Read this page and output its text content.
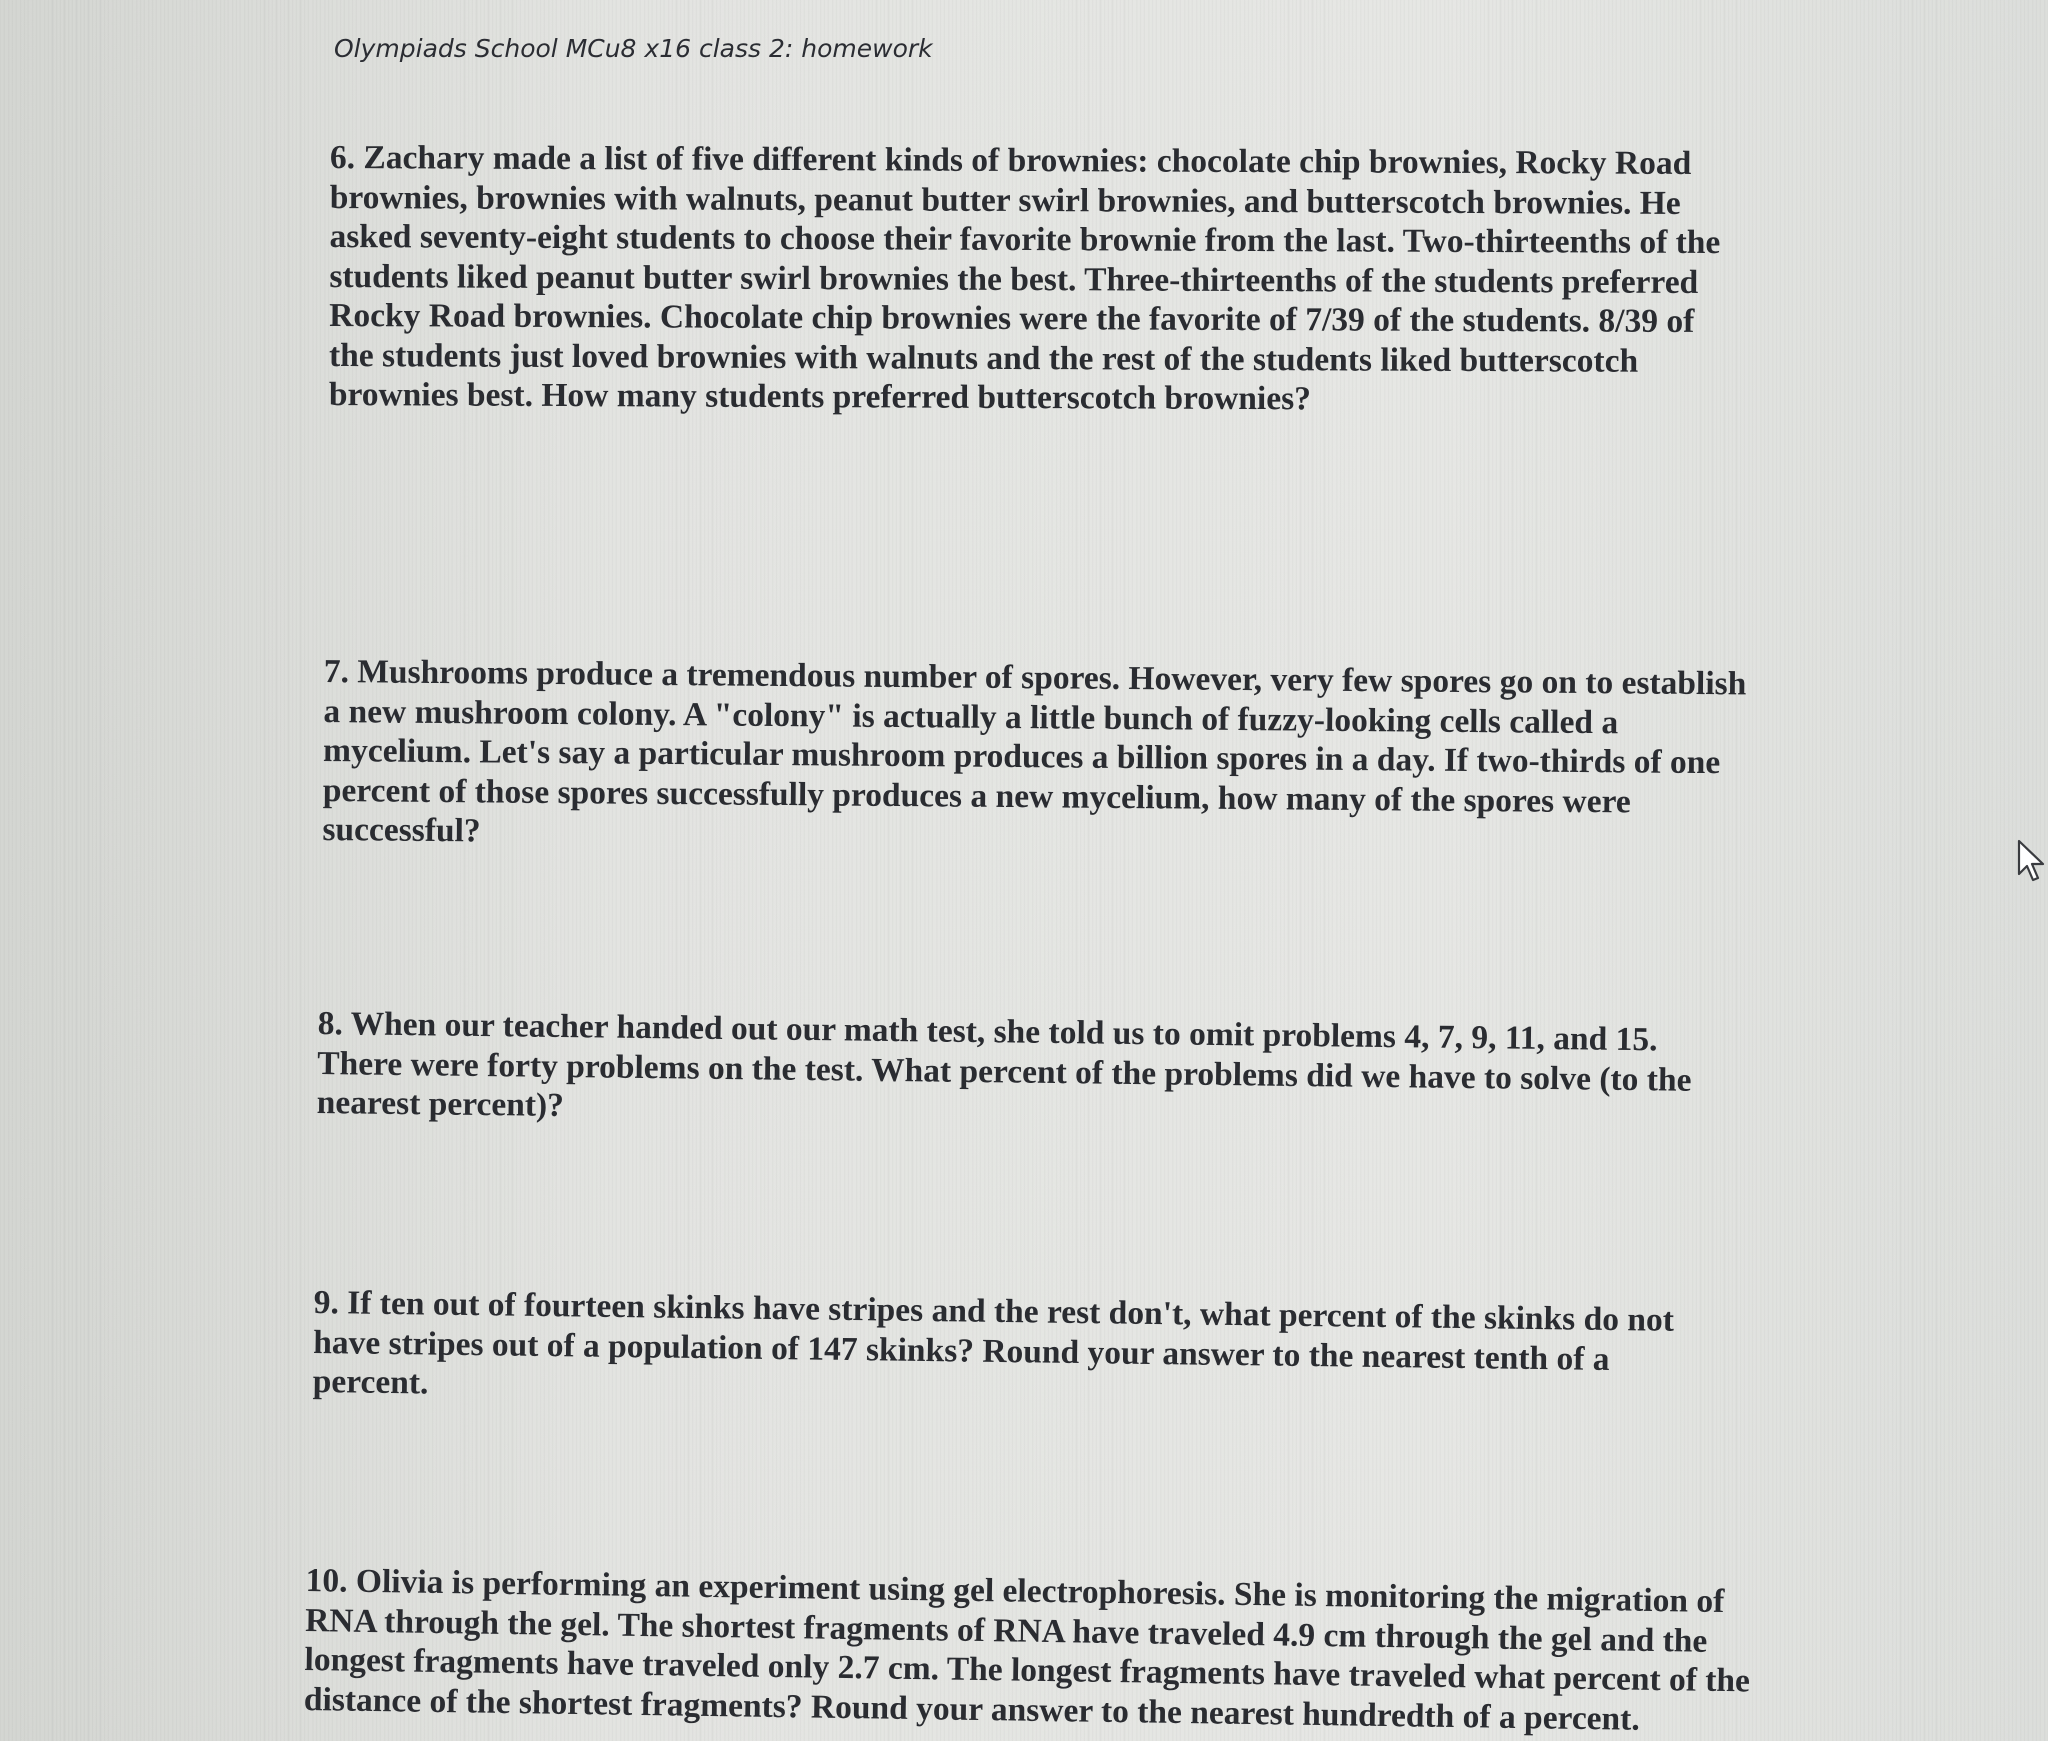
Olympiads School MCu8 x16 class 2: homework

6. Zachary made a list of five different kinds of brownies: chocolate chip brownies, Rocky Road brownies, brownies with walnuts, peanut butter swirl brownies, and butterscotch brownies. He asked seventy-eight students to choose their favorite brownie from the last. Two-thirteenths of the students liked peanut butter swirl brownies the best. Three-thirteenths of the students preferred Rocky Road brownies. Chocolate chip brownies were the favorite of 7/39 of the students. 8/39 of the students just loved brownies with walnuts and the rest of the students liked butterscotch brownies best. How many students preferred butterscotch brownies?

7. Mushrooms produce a tremendous number of spores. However, very few spores go on to establish a new mushroom colony. A "colony" is actually a little bunch of fuzzy-looking cells called a mycelium. Let's say a particular mushroom produces a billion spores in a day. If two-thirds of one percent of those spores successfully produces a new mycelium, how many of the spores were successful?

8. When our teacher handed out our math test, she told us to omit problems 4, 7, 9, 11, and 15. There were forty problems on the test. What percent of the problems did we have to solve (to the nearest percent)?

9. If ten out of fourteen skinks have stripes and the rest don't, what percent of the skinks do not have stripes out of a population of 147 skinks? Round your answer to the nearest tenth of a percent.

10. Olivia is performing an experiment using gel electrophoresis. She is monitoring the migration of RNA through the gel. The shortest fragments of RNA have traveled 4.9 cm through the gel and the longest fragments have traveled only 2.7 cm. The longest fragments have traveled what percent of the distance of the shortest fragments? Round your answer to the nearest hundredth of a percent.
